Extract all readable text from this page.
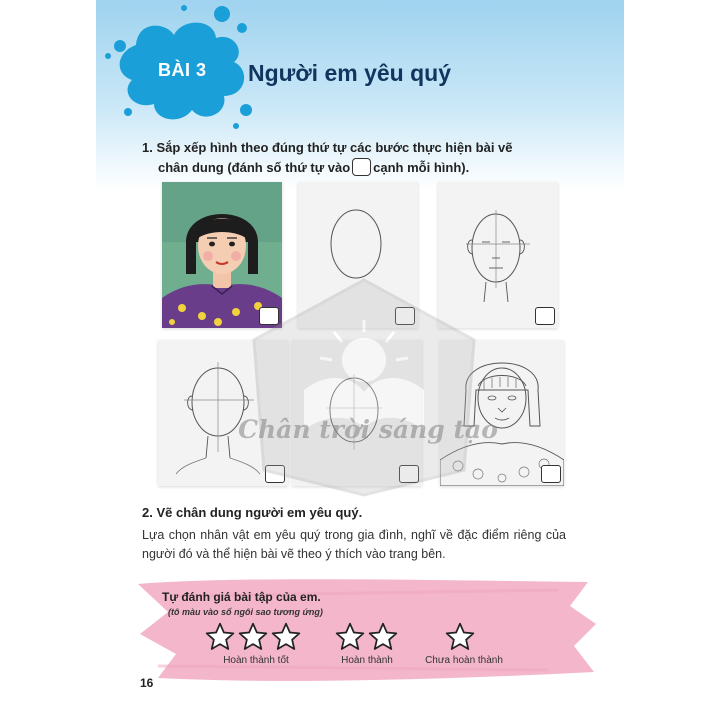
BÀI 3 Người em yêu quý
1. Sắp xếp hình theo đúng thứ tự các bước thực hiện bài vẽ
chân dung (đánh số thứ tự vào cạnh mỗi hình).
Chân trời sáng tạo
2. Vẽ chân dung người em yêu quý.
Lựa chọn nhân vật em yêu quý trong gia đình, nghĩ về đặc điểm riêng của người đó và thể hiện bài vẽ theo ý thích vào trang bên.
Tự đánh giá bài tập của em.
(tô màu vào số ngôi sao tương ứng)
Hoàn thành tốt	Hoàn thành	Chưa hoàn thành
16
